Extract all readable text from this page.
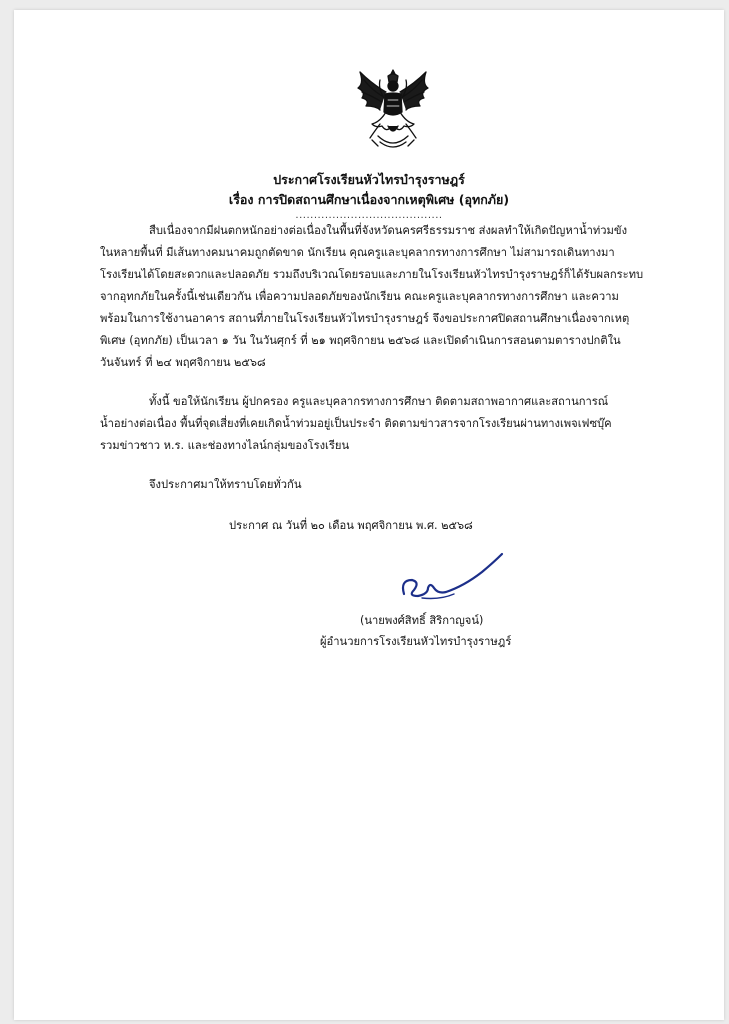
ประกาศโรงเรียนหัวไทรบำรุงราษฎร์
เรื่อง การปิดสถานศึกษาเนื่องจากเหตุพิเศษ (อุทกภัย)
........................................
สืบเนื่องจากมีฝนตกหนักอย่างต่อเนื่องในพื้นที่จังหวัดนครศรีธรรมราช ส่งผลทำให้เกิดปัญหาน้ำท่วมขัง
ในหลายพื้นที่ มีเส้นทางคมนาคมถูกตัดขาด นักเรียน คุณครูและบุคลากรทางการศึกษา ไม่สามารถเดินทางมา
โรงเรียนได้โดยสะดวกและปลอดภัย รวมถึงบริเวณโดยรอบและภายในโรงเรียนหัวไทรบำรุงราษฎร์ก็ได้รับผลกระทบ
จากอุทกภัยในครั้งนี้เช่นเดียวกัน เพื่อความปลอดภัยของนักเรียน คณะครูและบุคลากรทางการศึกษา และความ
พร้อมในการใช้งานอาคาร สถานที่ภายในโรงเรียนหัวไทรบำรุงราษฎร์ จึงขอประกาศปิดสถานศึกษาเนื่องจากเหตุ
พิเศษ (อุทกภัย) เป็นเวลา ๑ วัน ในวันศุกร์ ที่ ๒๑ พฤศจิกายน ๒๕๖๘ และเปิดดำเนินการสอนตามตารางปกติใน
วันจันทร์ ที่ ๒๔ พฤศจิกายน ๒๕๖๘
ทั้งนี้ ขอให้นักเรียน ผู้ปกครอง ครูและบุคลากรทางการศึกษา ติดตามสถาพอากาศและสถานการณ์
น้ำอย่างต่อเนื่อง พื้นที่จุดเสี่ยงที่เคยเกิดน้ำท่วมอยู่เป็นประจำ ติดตามข่าวสารจากโรงเรียนผ่านทางเพจเฟซบุ๊ค
รวมข่าวชาว ห.ร. และช่องทางไลน์กลุ่มของโรงเรียน
จึงประกาศมาให้ทราบโดยทั่วกัน
ประกาศ ณ วันที่ ๒๐ เดือน พฤศจิกายน พ.ศ. ๒๕๖๘
(นายพงศ์สิทธิ์ สิริกาญจน์)
ผู้อำนวยการโรงเรียนหัวไทรบำรุงราษฎร์
